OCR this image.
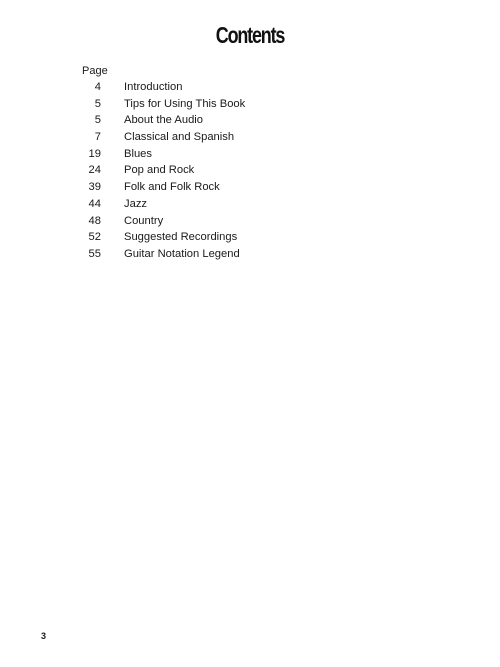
Contents
Page
4 Introduction
5 Tips for Using This Book
5 About the Audio
7 Classical and Spanish
19 Blues
24 Pop and Rock
39 Folk and Folk Rock
44 Jazz
48 Country
52 Suggested Recordings
55 Guitar Notation Legend
3
